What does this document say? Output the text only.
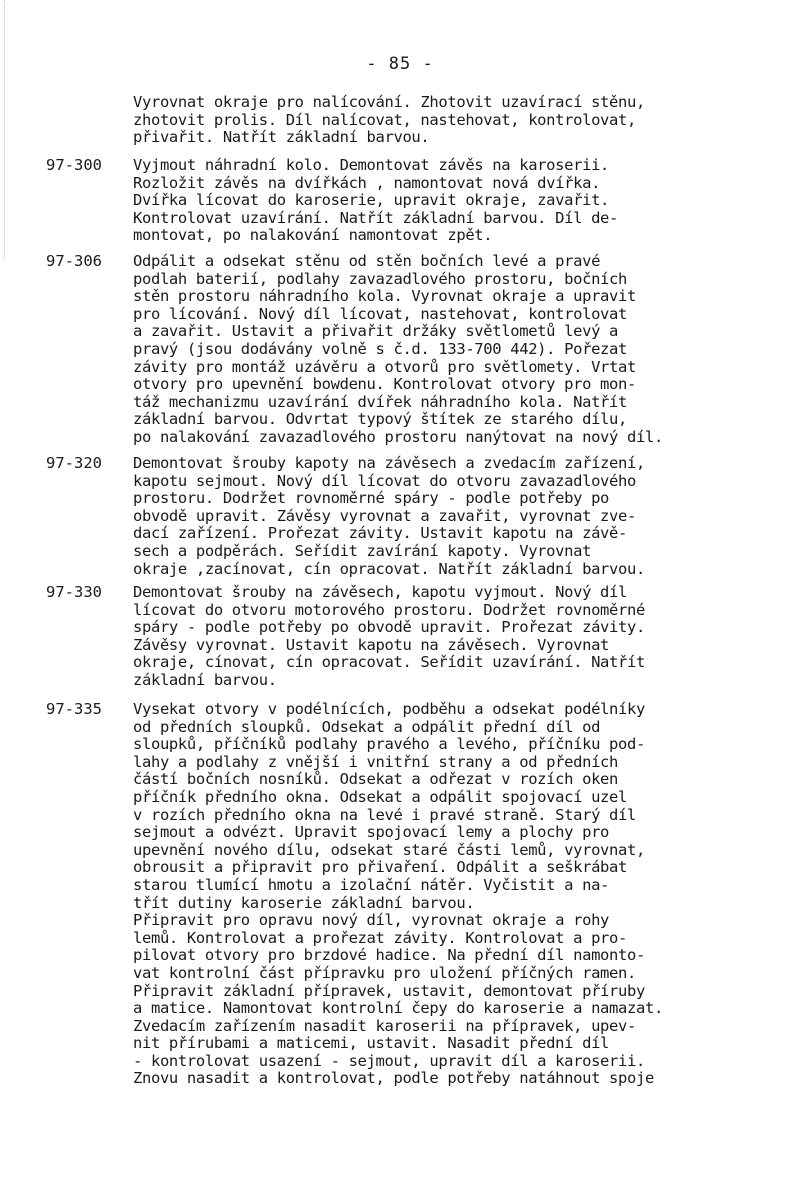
- 85 -
Vyrovnat okraje pro nalícování. Zhotovit uzavírací stěnu,
zhotovit prolis. Díl nalícovat, nastehovat, kontrolovat,
přivařit. Natřít základní barvou.
97-300	Vyjmout náhradní kolo. Demontovat závěs na karoserii.
Rozložit závěs na dvířkách , namontovat nová dvířka.
Dvířka lícovat do karoserie, upravit okraje, zavařit.
Kontrolovat uzavírání. Natřít základní barvou. Díl de-
montovat, po nalakování namontovat zpět.
97-306	Odpálit a odsekat stěnu od stěn bočních levé a pravé
podlah baterií, podlahy zavazadlového prostoru, bočních
stěn prostoru náhradního kola. Vyrovnat okraje a upravit
pro lícování. Nový díl lícovat, nastehovat, kontrolovat
a zavařit. Ustavit a přivařit držáky světlometů levý a
pravý (jsou dodávány volně s č.d. 133-700 442). Pořezat
závity pro montáž uzávěru a otvorů pro světlomety. Vrtat
otvory pro upevnění bowdenu. Kontrolovat otvory pro mon-
táž mechanizmu uzavírání dvířek náhradního kola. Natřít
základní barvou. Odvrtat typový štítek ze starého dílu,
po nalakování zavazadlového prostoru nanýtovat na nový díl.
97-320	Demontovat šrouby kapoty na závěsech a zvedacím zařízení,
kapotu sejmout. Nový díl lícovat do otvoru zavazadlového
prostoru. Dodržet rovnoměrné spáry - podle potřeby po
obvodě upravit. Závěsy vyrovnat a zavařit, vyrovnat zve-
dací zařízení. Prořezat závity. Ustavit kapotu na závě-
sech a podpěrách. Seřídit zavírání kapoty. Vyrovnat
okraje ,zacínovat, cín opracovat. Natřít základní barvou.
97-330	Demontovat šrouby na závěsech, kapotu vyjmout. Nový díl
lícovat do otvoru motorového prostoru. Dodržet rovnoměrné
spáry - podle potřeby po obvodě upravit. Prořezat závity.
Závěsy vyrovnat. Ustavit kapotu na závěsech. Vyrovnat
okraje, cínovat, cín opracovat. Seřídit uzavírání. Natřít
základní barvou.
97-335	Vysekat otvory v podélnících, podběhu a odsekat podélníky
od předních sloupků. Odsekat a odpálit přední díl od
sloupků, příčníků podlahy pravého a levého, příčníku pod-
lahy a podlahy z vnější i vnitřní strany a od předních
částí bočních nosníků. Odsekat a odřezat v rozích oken
příčník předního okna. Odsekat a odpálit spojovací uzel
v rozích předního okna na levé i pravé straně. Starý díl
sejmout a odvézt. Upravit spojovací lemy a plochy pro
upevnění nového dílu, odsekat staré části lemů, vyrovnat,
obrousit a připravit pro přivaření. Odpálit a seškrábat
starou tlumící hmotu a izolační nátěr. Vyčistit a na-
třít dutiny karoserie základní barvou.
Připravit pro opravu nový díl, vyrovnat okraje a rohy
lemů. Kontrolovat a prořezat závity. Kontrolovat a pro-
pilovat otvory pro brzdové hadice. Na přední díl namonto-
vat kontrolní část přípravku pro uložení příčných ramen.
Připravit základní přípravek, ustavit, demontovat příruby
a matice. Namontovat kontrolní čepy do karoserie a namazat.
Zvedacím zařízením nasadit karoserii na přípravek, upev-
nit přírubami a maticemi, ustavit. Nasadit přední díl
- kontrolovat usazení - sejmout, upravit díl a karoserii.
Znovu nasadit a kontrolovat, podle potřeby natáhnout spoje
